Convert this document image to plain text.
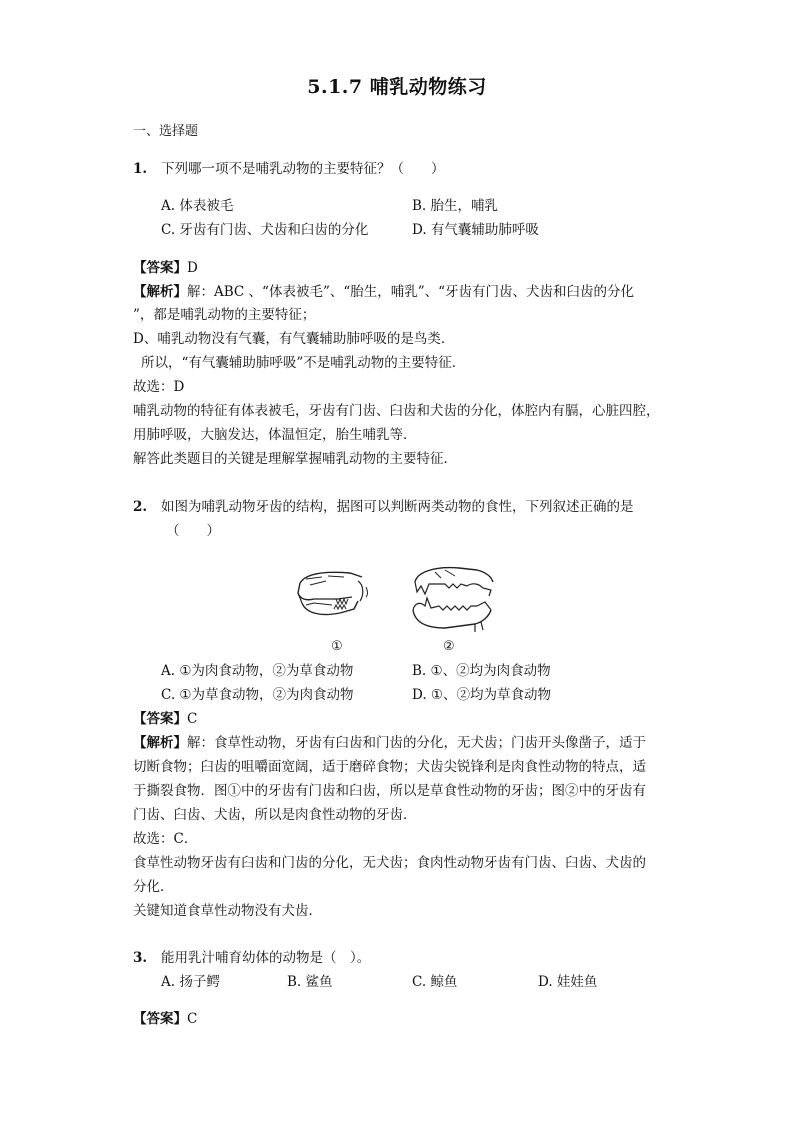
5.1.7 哺乳动物练习
一、选择题
1. 下列哪一项不是哺乳动物的主要特征？（　　）
A. 体表被毛	B. 胎生，哺乳
C. 牙齿有门齿、犬齿和臼齿的分化	D. 有气囊辅助肺呼吸
【答案】D
【解析】解：ABC 、“体表被毛”、“胎生，哺乳”、“牙齿有门齿、犬齿和臼齿的分化
”，都是哺乳动物的主要特征；
D、哺乳动物没有气囊，有气囊辅助肺呼吸的是鸟类．
所以，“有气囊辅助肺呼吸”不是哺乳动物的主要特征．
故选：D
哺乳动物的特征有体表被毛，牙齿有门齿、臼齿和犬齿的分化，体腔内有膈，心脏四腔，
用肺呼吸，大脑发达，体温恒定，胎生哺乳等．
解答此类题目的关键是理解掌握哺乳动物的主要特征．
2. 如图为哺乳动物牙齿的结构，据图可以判断两类动物的食性，下列叙述正确的是
（　　）
①	②
A. ①为肉食动物，②为草食动物	B. ①、②均为肉食动物
C. ①为草食动物，②为肉食动物	D. ①、②均为草食动物
【答案】C
【解析】解：食草性动物，牙齿有臼齿和门齿的分化，无犬齿；门齿开头像凿子，适于
切断食物；臼齿的咀嚼面宽阔，适于磨碎食物；犬齿尖锐锋利是肉食性动物的特点，适
于撕裂食物．图①中的牙齿有门齿和臼齿，所以是草食性动物的牙齿；图②中的牙齿有
门齿、臼齿、犬齿，所以是肉食性动物的牙齿．
故选：C．
食草性动物牙齿有臼齿和门齿的分化，无犬齿；食肉性动物牙齿有门齿、臼齿、犬齿的
分化．
关键知道食草性动物没有犬齿．
3. 能用乳汁哺育幼体的动物是（　）。
A. 扬子鳄	B. 鲨鱼	C. 鲸鱼	D. 娃娃鱼
【答案】C
